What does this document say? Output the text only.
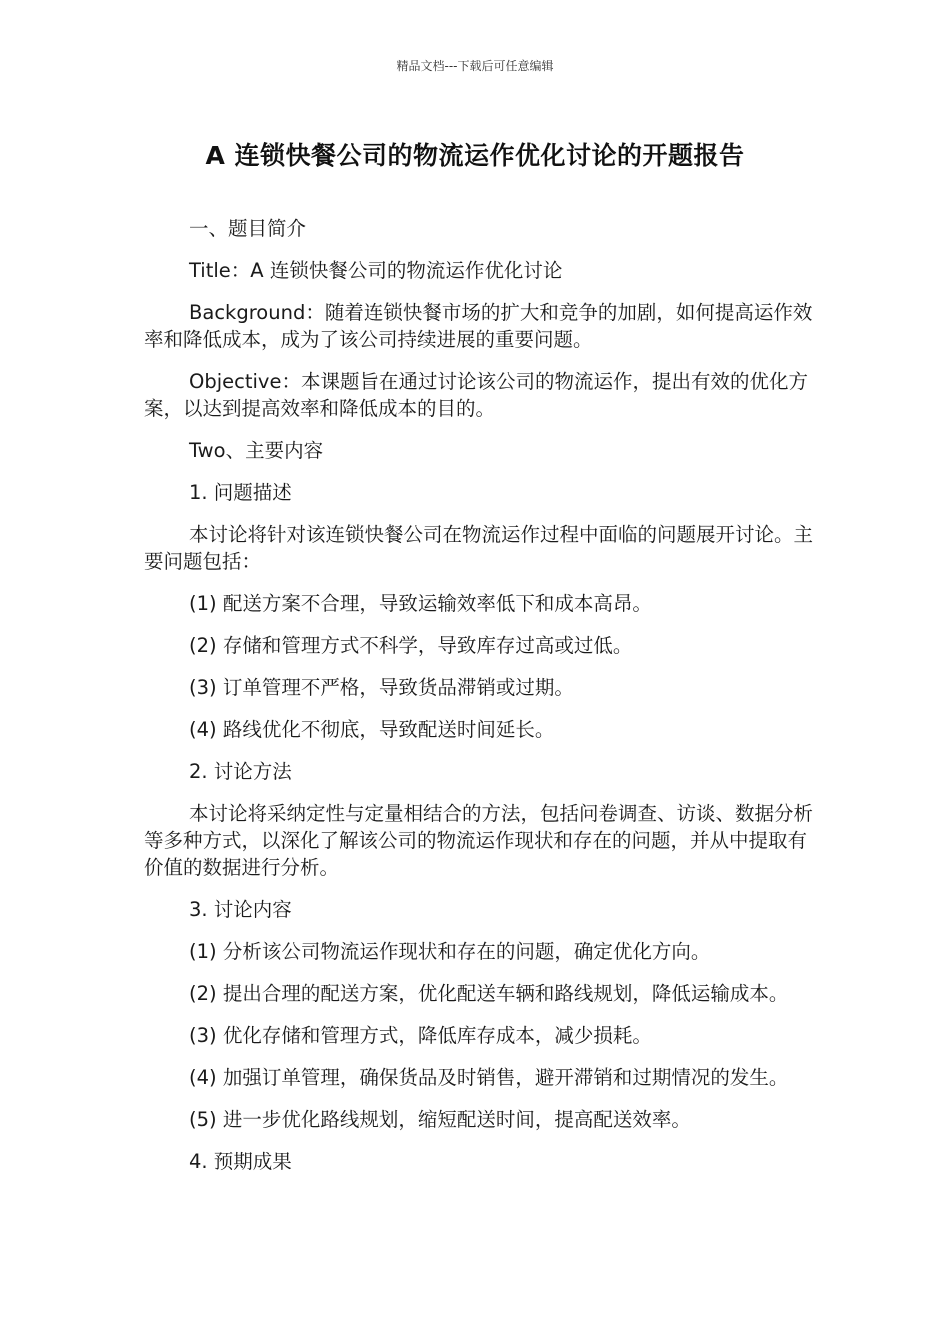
精品文档---下载后可任意编辑
A 连锁快餐公司的物流运作优化讨论的开题报告

一、题目简介

Title：A 连锁快餐公司的物流运作优化讨论

Background：随着连锁快餐市场的扩大和竞争的加剧，如何提高运作效率和降低成本，成为了该公司持续进展的重要问题。

Objective：本课题旨在通过讨论该公司的物流运作，提出有效的优化方案，以达到提高效率和降低成本的目的。

Two、主要内容

1. 问题描述

本讨论将针对该连锁快餐公司在物流运作过程中面临的问题展开讨论。主要问题包括：

(1) 配送方案不合理，导致运输效率低下和成本高昂。

(2) 存储和管理方式不科学，导致库存过高或过低。

(3) 订单管理不严格，导致货品滞销或过期。

(4) 路线优化不彻底，导致配送时间延长。

2. 讨论方法

本讨论将采纳定性与定量相结合的方法，包括问卷调查、访谈、数据分析等多种方式，以深化了解该公司的物流运作现状和存在的问题，并从中提取有价值的数据进行分析。

3. 讨论内容

(1) 分析该公司物流运作现状和存在的问题，确定优化方向。

(2) 提出合理的配送方案，优化配送车辆和路线规划，降低运输成本。

(3) 优化存储和管理方式，降低库存成本，减少损耗。

(4) 加强订单管理，确保货品及时销售，避开滞销和过期情况的发生。

(5) 进一步优化路线规划，缩短配送时间，提高配送效率。

4. 预期成果
